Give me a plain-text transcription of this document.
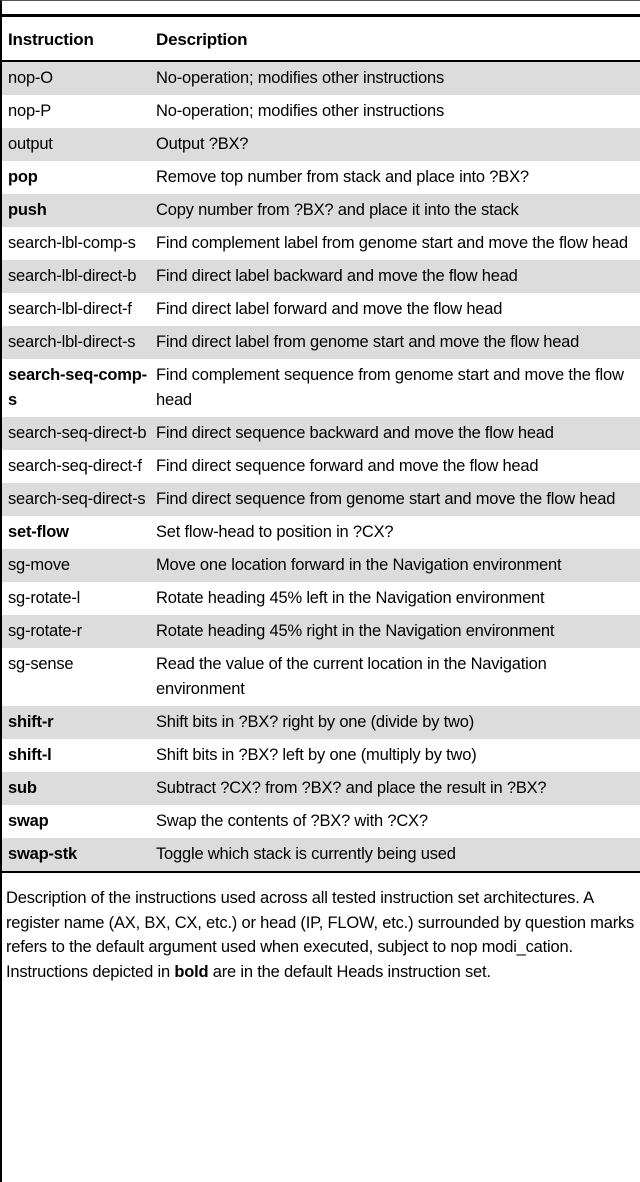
Instruction	Description
nop-O	No-operation; modifies other instructions
nop-P	No-operation; modifies other instructions
output	Output ?BX?
pop	Remove top number from stack and place into ?BX?
push	Copy number from ?BX? and place it into the stack
search-lbl-comp-s	Find complement label from genome start and move the flow head
search-lbl-direct-b	Find direct label backward and move the flow head
search-lbl-direct-f	Find direct label forward and move the flow head
search-lbl-direct-s	Find direct label from genome start and move the flow head
search-seq-comp-s	Find complement sequence from genome start and move the flow head
search-seq-direct-b	Find direct sequence backward and move the flow head
search-seq-direct-f	Find direct sequence forward and move the flow head
search-seq-direct-s	Find direct sequence from genome start and move the flow head
set-flow	Set flow-head to position in ?CX?
sg-move	Move one location forward in the Navigation environment
sg-rotate-l	Rotate heading 45% left in the Navigation environment
sg-rotate-r	Rotate heading 45% right in the Navigation environment
sg-sense	Read the value of the current location in the Navigation environment
shift-r	Shift bits in ?BX? right by one (divide by two)
shift-l	Shift bits in ?BX? left by one (multiply by two)
sub	Subtract ?CX? from ?BX? and place the result in ?BX?
swap	Swap the contents of ?BX? with ?CX?
swap-stk	Toggle which stack is currently being used

Description of the instructions used across all tested instruction set architectures. A register name (AX, BX, CX, etc.) or head (IP, FLOW, etc.) surrounded by question marks refers to the default argument used when executed, subject to nop modi_cation. Instructions depicted in bold are in the default Heads instruction set.
